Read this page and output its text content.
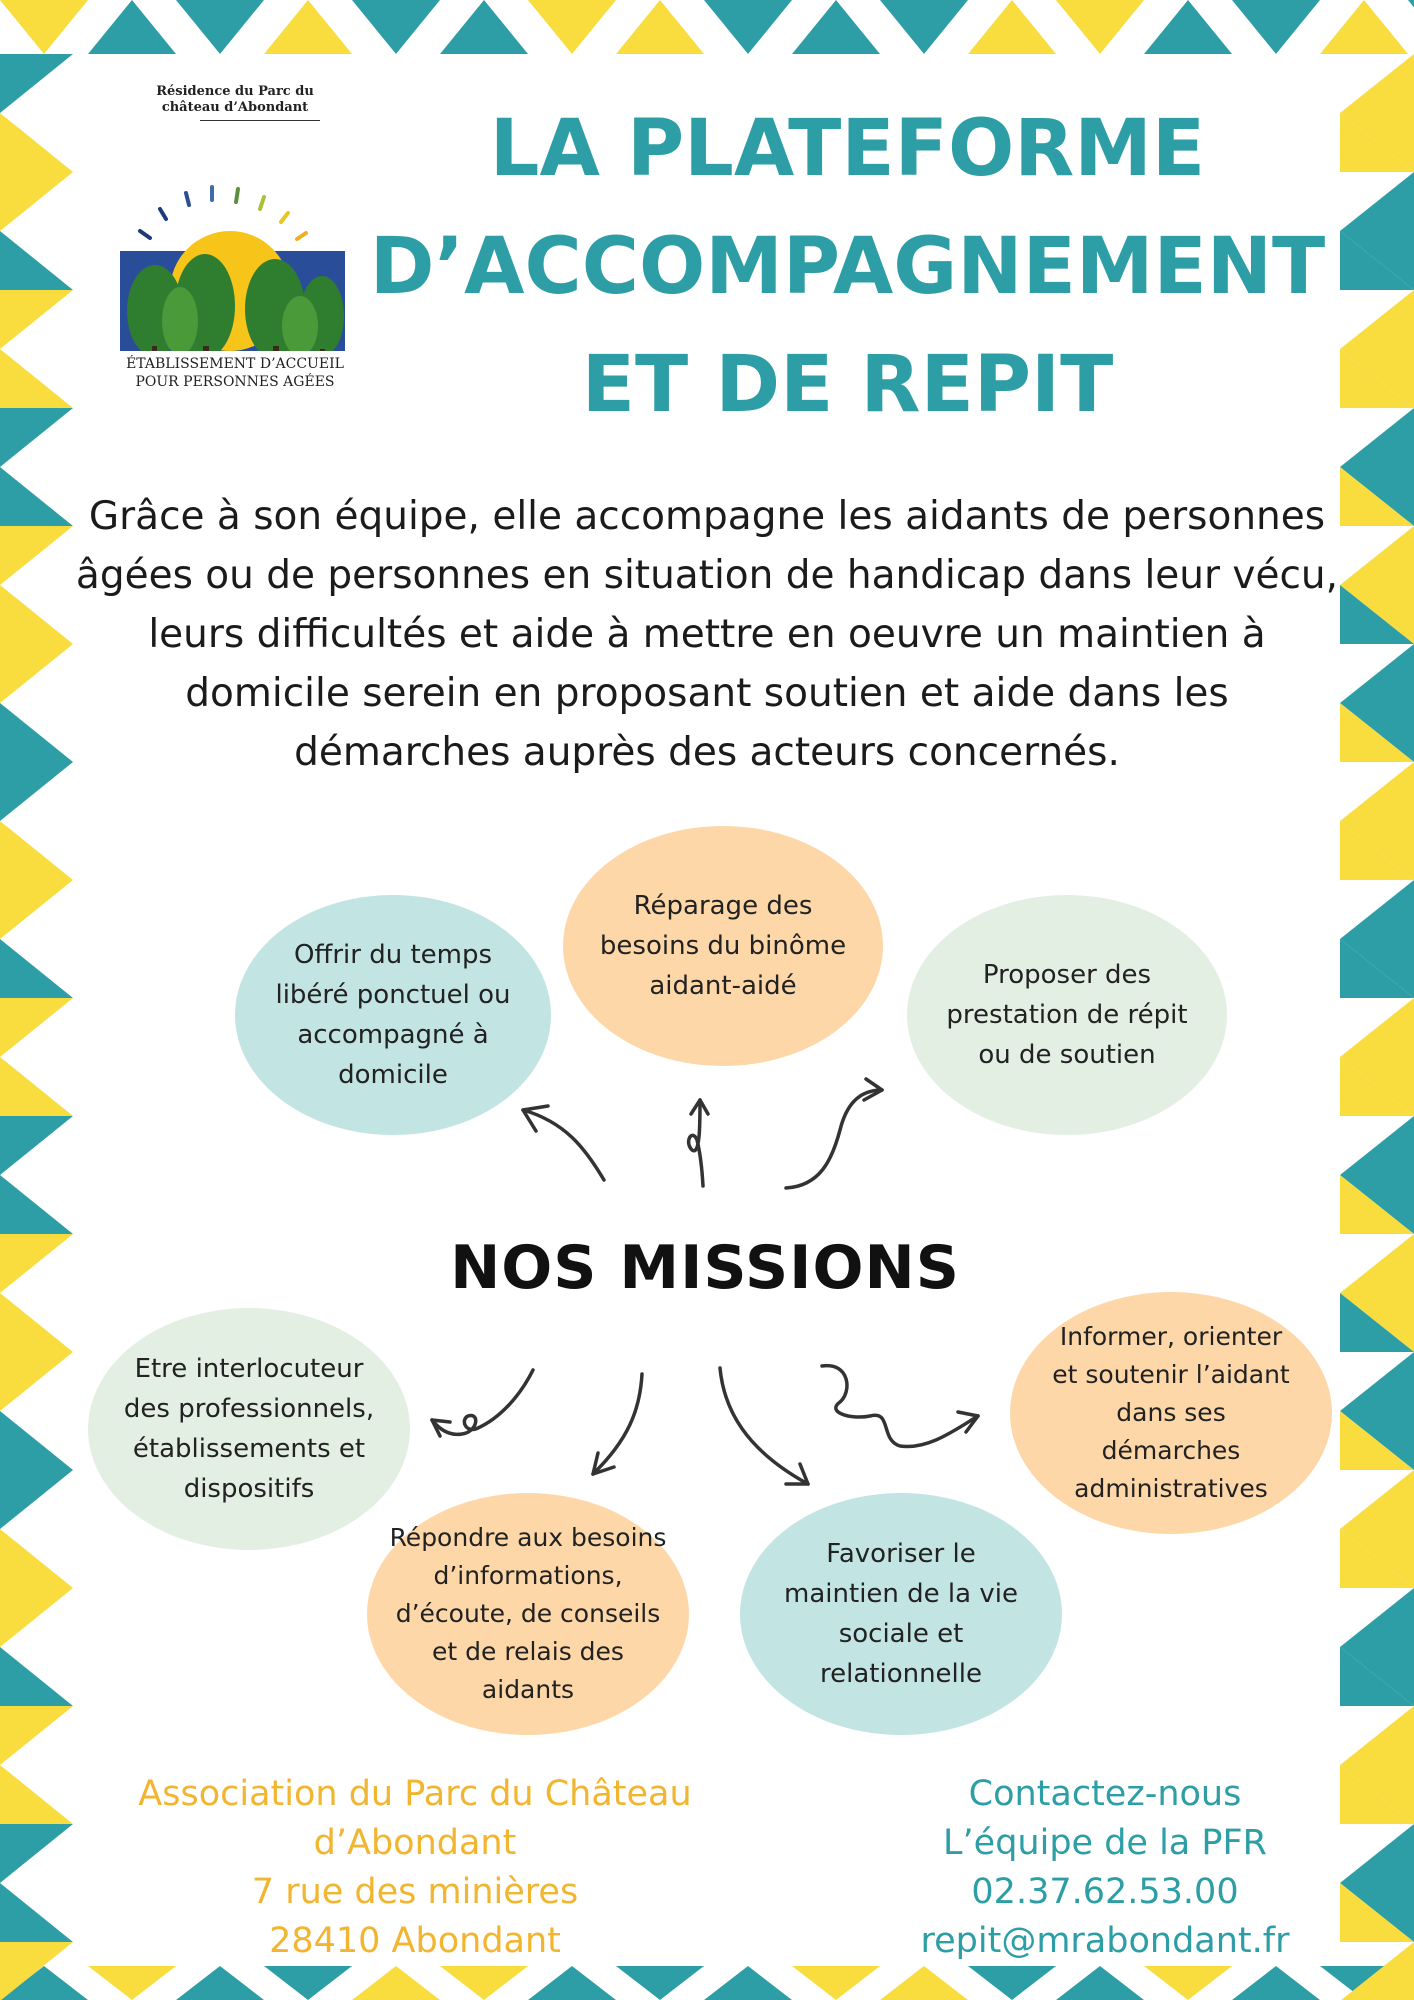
Résidence du Parc du château d’Abondant
ÉTABLISSEMENT D’ACCUEIL
POUR PERSONNES AGÉES
LA PLATEFORME
D’ACCOMPAGNEMENT
ET DE REPIT
Grâce à son équipe, elle accompagne les aidants de personnes âgées ou de personnes en situation de handicap dans leur vécu, leurs difficultés et aide à mettre en oeuvre un maintien à domicile serein en proposant soutien et aide dans les démarches auprès des acteurs concernés.
Offrir du temps libéré ponctuel ou accompagné à domicile
Réparage des besoins du binôme aidant-aidé	Proposer des prestation de répit ou de soutien
Etre interlocuteur des professionnels, établissements et dispositifs
Répondre aux besoins d’informations, d’écoute, de conseils et de relais des aidants
Favoriser le maintien de la vie sociale et relationnelle
Informer, orienter et soutenir l’aidant dans ses démarches administratives
NOS MISSIONS
Association du Parc du Château
d’Abondant
7 rue des minières
28410 Abondant
Contactez-nous
L’équipe de la PFR
02.37.62.53.00
repit@mrabondant.fr
